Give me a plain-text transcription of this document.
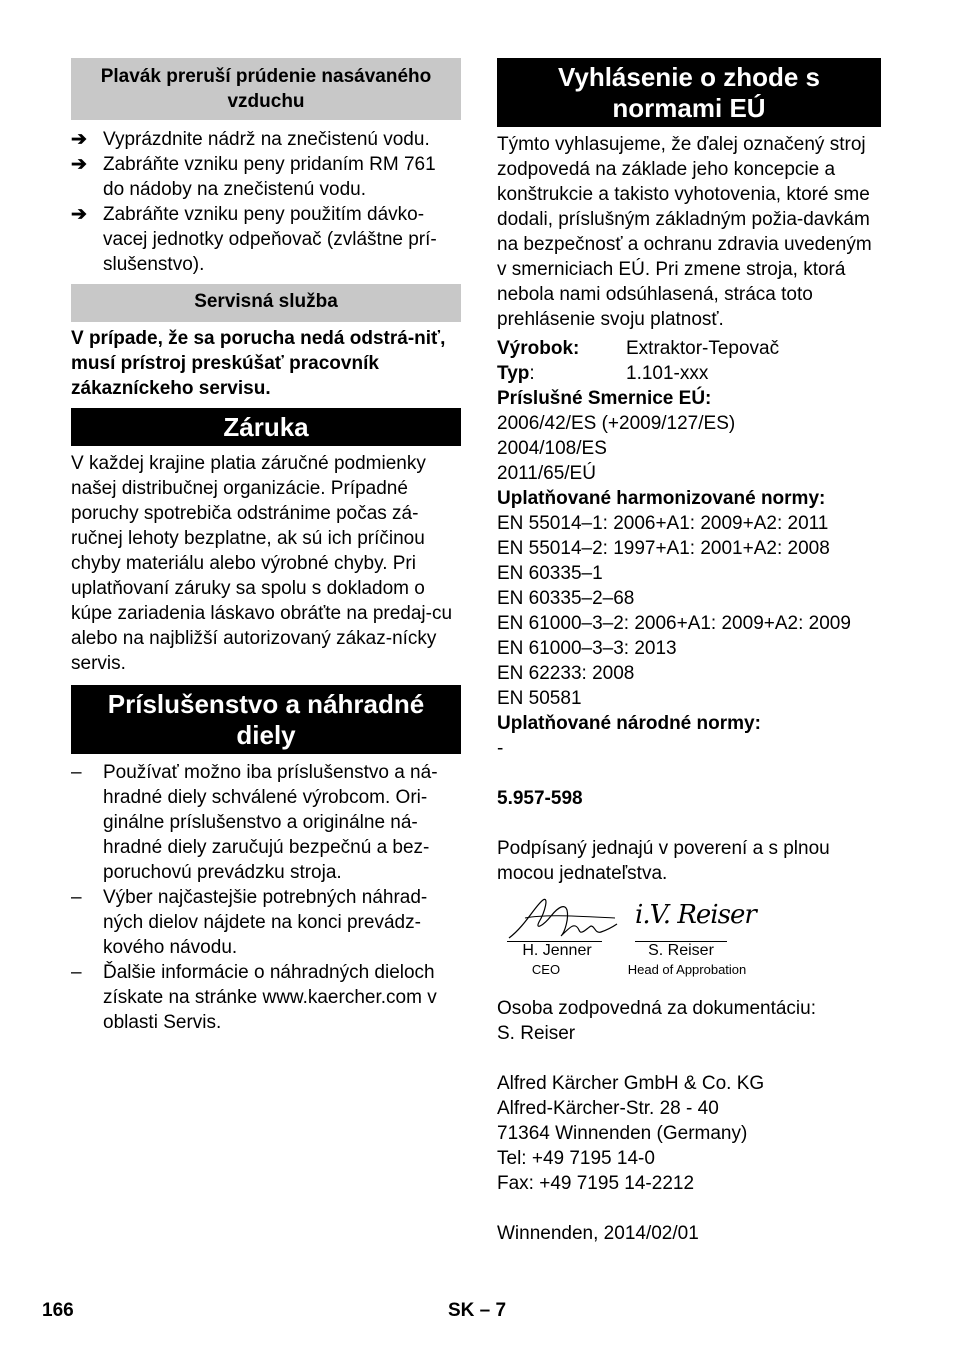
Plavák preruší prúdenie nasávaného vzduchu
➔ Vyprázdnite nádrž na znečistenú vodu.
➔ Zabráňte vzniku peny pridaním RM 761 do nádoby na znečistenú vodu.
➔ Zabráňte vzniku peny použitím dávko-vacej jednotky odpeňovač (zvláštne prí-slušenstvo).
Servisná služba

V prípade, že sa porucha nedá odstrá-niť, musí prístroj preskúšať pracovník zákazníckeho servisu.

Záruka

V každej krajine platia záručné podmienky našej distribučnej organizácie. Prípadné poruchy spotrebiča odstránime počas zá-ručnej lehoty bezplatne, ak sú ich príčinou chyby materiálu alebo výrobné chyby. Pri uplatňovaní záruky sa spolu s dokladom o kúpe zariadenia láskavo obráťte na predaj-cu alebo na najbližší autorizovaný zákaz-nícky servis.

Príslušenstvo a náhradné diely
– Používať možno iba príslušenstvo a ná-hradné diely schválené výrobcom. Ori-ginálne príslušenstvo a originálne ná-hradné diely zaručujú bezpečnú a bez-poruchovú prevádzku stroja.
– Výber najčastejšie potrebných náhrad-ných dielov nájdete na konci prevádz-kového návodu.
– Ďalšie informácie o náhradných dieloch získate na stránke www.kaercher.com v oblasti Servis.
Vyhlásenie o zhode s normami EÚ

Týmto vyhlasujeme, že ďalej označený stroj zodpovedá na základe jeho koncepcie a konštrukcie a takisto vyhotovenia, ktoré sme dodali, príslušným základným požia-davkám na bezpečnosť a ochranu zdravia uvedeným v smerniciach EÚ. Pri zmene stroja, ktorá nebola nami odsúhlasená, stráca toto prehlásenie svoju platnosť.

Výrobok:	Extraktor-Tepovač
Typ:	1.101-xxx

Príslušné Smernice EÚ:

2006/42/ES (+2009/127/ES)

2004/108/ES

2011/65/EÚ

Uplatňované harmonizované normy:

EN 55014–1: 2006+A1: 2009+A2: 2011

EN 55014–2: 1997+A1: 2001+A2: 2008

EN 60335–1

EN 60335–2–68

EN 61000–3–2: 2006+A1: 2009+A2: 2009

EN 61000–3–3: 2013

EN 62233: 2008

EN 50581

Uplatňované národné normy:

-

5.957-598

Podpísaný jednajú v poverení a s plnou mocou jednateľstva.

H. Jenner
CEO
i.V. Reiser
S. Reiser
Head of Approbation

Osoba zodpovedná za dokumentáciu:

S. Reiser

Alfred Kärcher GmbH & Co. KG

Alfred-Kärcher-Str. 28 - 40

71364 Winnenden (Germany)

Tel: +49 7195 14-0

Fax: +49 7195 14-2212

Winnenden, 2014/02/01

166	SK – 7
